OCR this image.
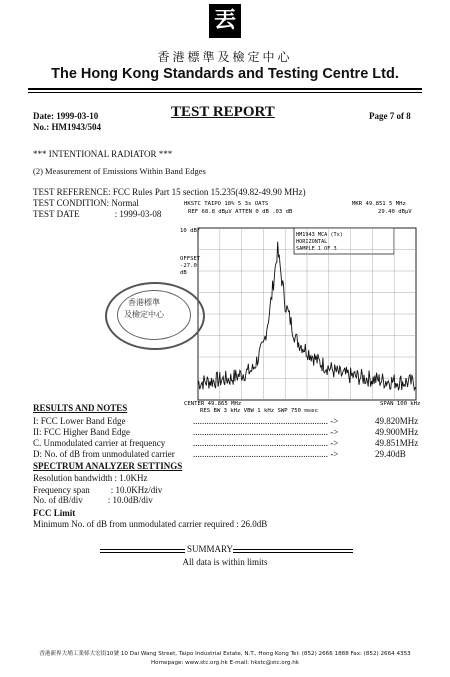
丟
香港標準及檢定中心
The Hong Kong Standards and Testing Centre Ltd.
Date: 1999-03-10
No.: HM1943/504
TEST REPORT	Page 7 of 8
*** INTENTIONAL RADIATOR ***
(2) Measurement of Emissions Within Band Edges
TEST REFERENCE: FCC Rules Part 15 section 15.235(49.82-49.90 MHz)
TEST CONDITION: Normal
TEST DATE	: 1999-03-08
HKSTC TAIPO 18% 5 3s OATS	MKR 49.851 5 MHz
REF 68.8 dBµV ATTEN 0 dB .03 dB	29.40 dBµV
10 dB/
OFFSET
-27.0
dB
HM1943 MCA (Tx)
HORIZONTAL
SAMPLE 1 OF 3
CENTER 49.865 MHz	SPAN 100 kHz
RES BW 3 kHz VBW 1 kHz SWP 750 msec
香港標準
及檢定中心
RESULTS AND NOTES
I: FCC Lower Band Edge	............................................................ ->	49.820MHz
II: FCC Higher Band Edge	............................................................ ->	49.900MHz
C. Unmodulated carrier at frequency	............................................................ ->	49.851MHz
D: No. of dB from unmodulated carrier ............................................................ ->	29.40dB
SPECTRUM ANALYZER SETTINGS
Resolution bandwidth : 1.0KHz
Frequency span : 10.0KHz/div
No. of dB/div	: 10.0dB/div
FCC Limit
Minimum No. of dB from unmodulated carrier required : 26.0dB
SUMMARY
All data is within limits
香港新界大埔工業邨大宏街10號 10 Dai Wang Street, Taipo Industrial Estate, N.T., Hong Kong Tel: (852) 2666 1888 Fax: (852) 2664 4353
Homepage: www.stc.org.hk E-mail: hkstc@stc.org.hk
